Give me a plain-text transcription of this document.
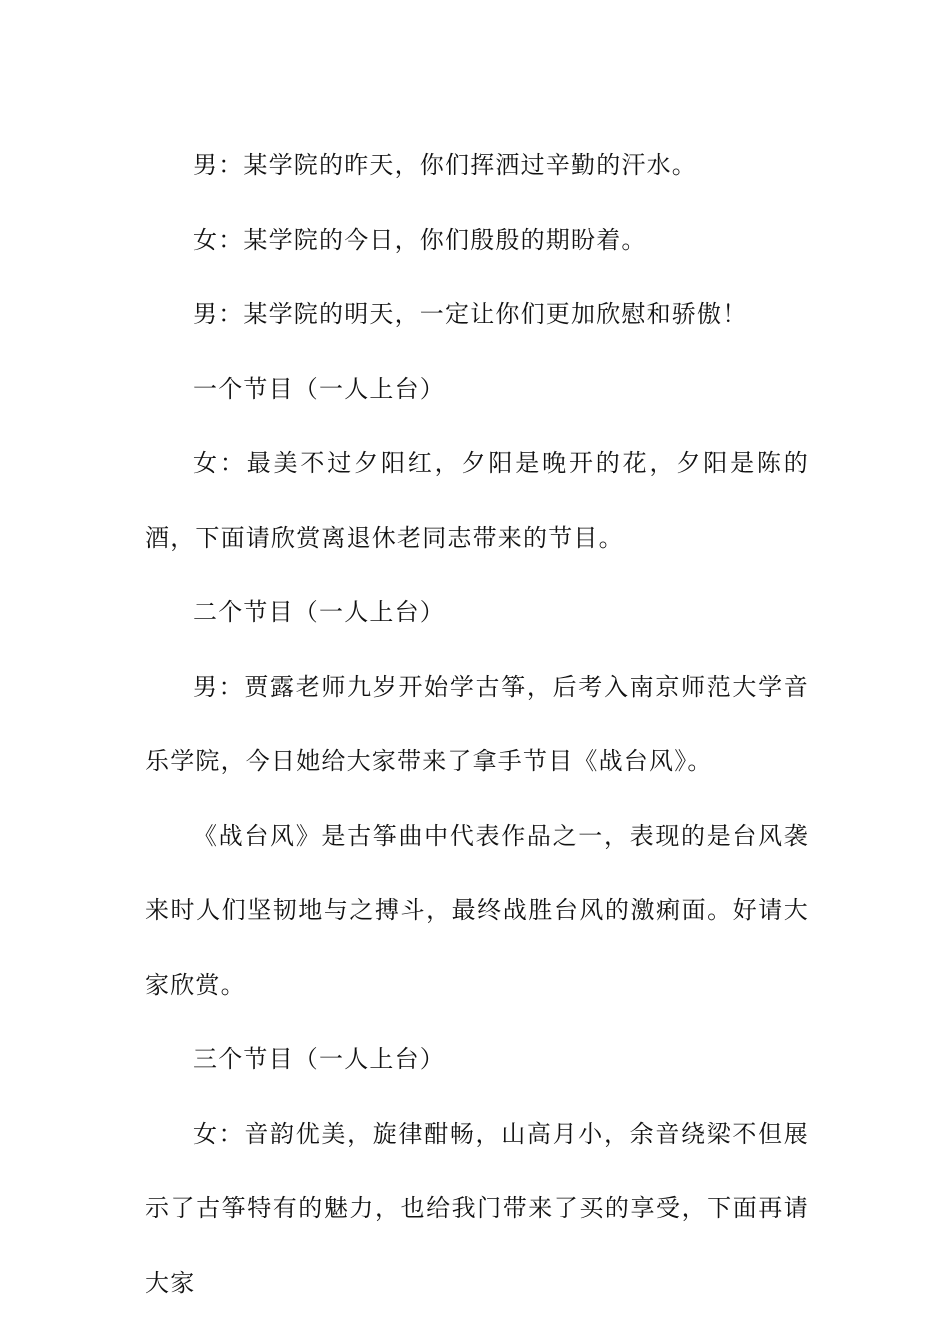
男：某学院的昨天，你们挥洒过辛勤的汗水。

女：某学院的今日，你们殷殷的期盼着。

男：某学院的明天，一定让你们更加欣慰和骄傲！

一个节目（一人上台）

女：最美不过夕阳红，夕阳是晚开的花，夕阳是陈的酒，下面请欣赏离退休老同志带来的节目。

二个节目（一人上台）

男：贾露老师九岁开始学古筝，后考入南京师范大学音乐学院，今日她给大家带来了拿手节目《战台风》。

《战台风》是古筝曲中代表作品之一，表现的是台风袭来时人们坚韧地与之搏斗，最终战胜台风的激痢面。好请大家欣赏。

三个节目（一人上台）

女：音韵优美，旋律酣畅，山高月小，余音绕梁不但展示了古筝特有的魅力，也给我门带来了买的享受，下面再请大家
